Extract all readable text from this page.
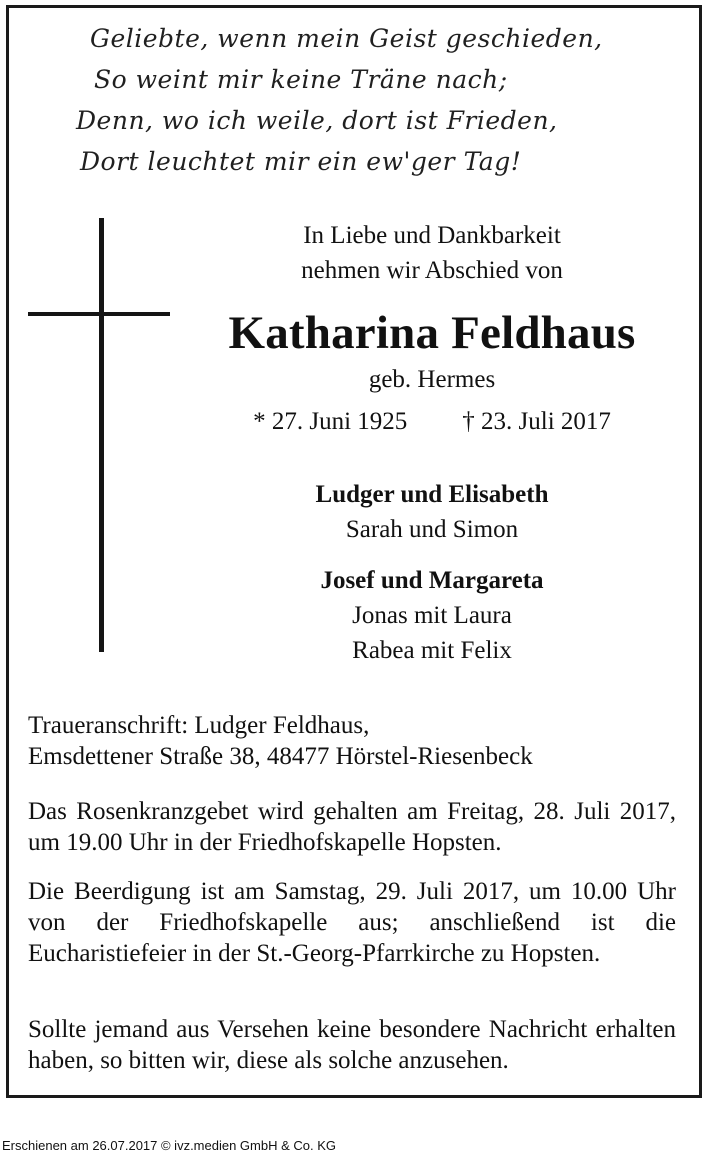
Geliebte, wenn mein Geist geschieden,
So weint mir keine Träne nach;
Denn, wo ich weile, dort ist Frieden,
Dort leuchtet mir ein ew'ger Tag!
In Liebe und Dankbarkeit
nehmen wir Abschied von
Katharina Feldhaus
geb. Hermes
* 27. Juni 1925 † 23. Juli 2017
Ludger und Elisabeth
Sarah und Simon
Josef und Margareta
Jonas mit Laura
Rabea mit Felix
Traueranschrift: Ludger Feldhaus,
Emsdettener Straße 38, 48477 Hörstel-Riesenbeck

Das Rosenkranzgebet wird gehalten am Freitag, 28. Juli 2017, um 19.00 Uhr in der Friedhofskapelle Hopsten.

Die Beerdigung ist am Samstag, 29. Juli 2017, um 10.00 Uhr von der Friedhofskapelle aus; anschließend ist die Eucharistiefeier in der St.-Georg-Pfarrkirche zu Hopsten.

Sollte jemand aus Versehen keine besondere Nachricht erhalten haben, so bitten wir, diese als solche anzusehen.

Erschienen am 26.07.2017 © ivz.medien GmbH & Co. KG
